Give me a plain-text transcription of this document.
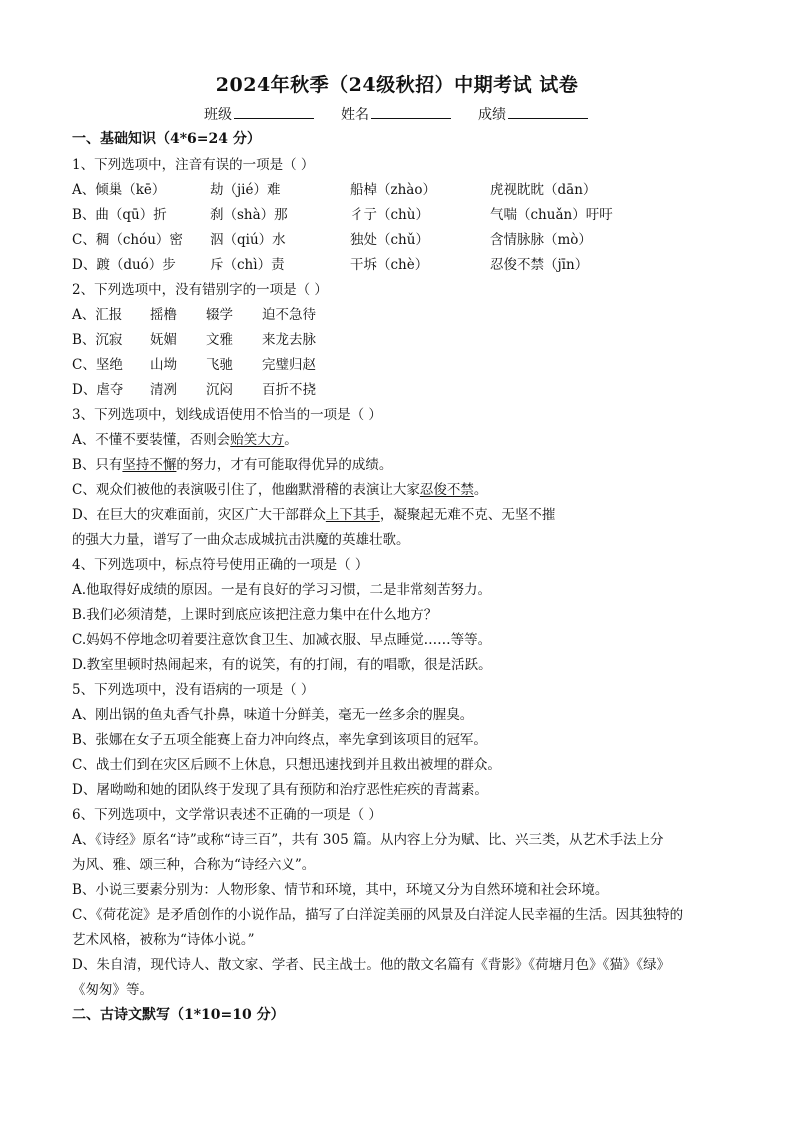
2024年秋季（24级秋招）中期考试 试卷
班级	姓名	成绩
一、基础知识（4*6=24 分）
1、下列选项中，注音有误的一项是（ ）
A、倾巢（kē）	劫（jié）难	船棹（zhào）	虎视眈眈（dān）
B、曲（qū）折	刹（shà）那	彳亍（chù）	气喘（chuǎn）吁吁
C、稠（chóu）密 泅（qiú）水	独处（chǔ）	含情脉脉（mò）
D、踱（duó）步	斥（chì）责	干坼（chè）	忍俊不禁（jīn）
2、下列选项中，没有错别字的一项是（ ）
A、汇报 摇橹 辍学 迫不急待
B、沉寂 妩媚 文雅 来龙去脉
C、坚绝 山坳 飞驰 完璧归赵
D、虐夺 清冽 沉闷 百折不挠
3、下列选项中，划线成语使用不恰当的一项是（ ）
A、不懂不要装懂，否则会贻笑大方。
B、只有坚持不懈的努力，才有可能取得优异的成绩。
C、观众们被他的表演吸引住了，他幽默滑稽的表演让大家忍俊不禁。
D、在巨大的灾难面前，灾区广大干部群众上下其手，凝聚起无难不克、无坚不摧
的强大力量，谱写了一曲众志成城抗击洪魔的英雄壮歌。
4、下列选项中，标点符号使用正确的一项是（ ）
A.他取得好成绩的原因。一是有良好的学习习惯，二是非常刻苦努力。
B.我们必须清楚，上课时到底应该把注意力集中在什么地方？
C.妈妈不停地念叨着要注意饮食卫生、加减衣服、早点睡觉……等等。
D.教室里顿时热闹起来，有的说笑，有的打闹，有的唱歌，很是活跃。
5、下列选项中，没有语病的一项是（ ）
A、刚出锅的鱼丸香气扑鼻，味道十分鲜美，毫无一丝多余的腥臭。
B、张娜在女子五项全能赛上奋力冲向终点，率先拿到该项目的冠军。
C、战士们到在灾区后顾不上休息，只想迅速找到并且救出被埋的群众。
D、屠呦呦和她的团队终于发现了具有预防和治疗恶性疟疾的青蒿素。
6、下列选项中，文学常识表述不正确的一项是（ ）
A、《诗经》原名“诗”或称“诗三百”，共有 305 篇。从内容上分为赋、比、兴三类，从艺术手法上分
为风、雅、颂三种，合称为“诗经六义”。
B、小说三要素分别为：人物形象、情节和环境，其中，环境又分为自然环境和社会环境。
C、《荷花淀》是矛盾创作的小说作品，描写了白洋淀美丽的风景及白洋淀人民幸福的生活。因其独特的
艺术风格，被称为“诗体小说。”
D、朱自清，现代诗人、散文家、学者、民主战士。他的散文名篇有《背影》《荷塘月色》《猫》《绿》
《匆匆》等。
二、古诗文默写（1*10=10 分）
